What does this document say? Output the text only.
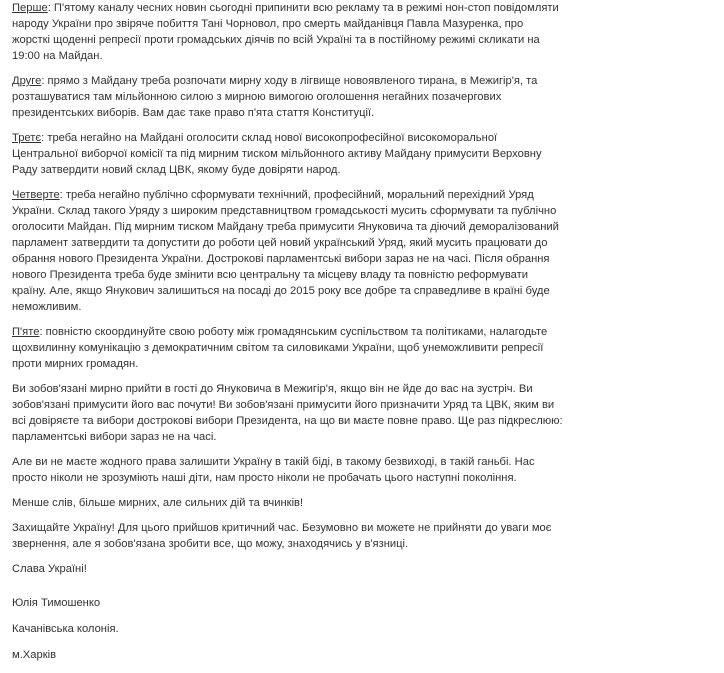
Перше: П'ятому каналу чесних новин сьогодні припинити всю рекламу та в режимі нон-стоп повідомляти народу України про звіряче побиття Тані Чорновол, про смерть майданівця Павла Мазуренка, про жорсткі щоденні репресії проти громадських діячів по всій Україні та в постійному режимі скликати на 19:00 на Майдан.

Друге: прямо з Майдану треба розпочати мирну ходу в лігвище новоявленого тирана, в Межигір'я, та розташуватися там мільйонною силою з мирною вимогою оголошення негайних позачергових президентських виборів. Вам дає таке право п'ята стаття Конституції.

Третє: треба негайно на Майдані оголосити склад нової високопрофесійної високоморальної Центральної виборчої комісії та під мирним тиском мільйонного активу Майдану примусити Верховну Раду затвердити новий склад ЦВК, якому буде довіряти народ.

Четверте: треба негайно публічно сформувати технічний, професійний, моральний перехідний Уряд України. Склад такого Уряду з широким представництвом громадськості мусить сформувати та публічно оголосити Майдан. Під мирним тиском Майдану треба примусити Януковича та діючий деморалізований парламент затвердити та допустити до роботи цей новий український Уряд, який мусить працювати до обрання нового Президента України. Дострокові парламентські вибори зараз не на часі. Після обрання нового Президента треба буде змінити всю центральну та місцеву владу та повністю реформувати країну. Але, якщо Янукович залишиться на посаді до 2015 року все добре та справедливе в країні буде неможливим.

П'яте: повністю скоординуйте свою роботу між громадянським суспільством та політиками, налагодьте щохвилинну комунікацію з демократичним світом та силовиками України, щоб унеможливити репресії проти мирних громадян.

Ви зобов'язані мирно прийти в гості до Януковича в Межигір'я, якщо він не йде до вас на зустріч. Ви зобов'язані примусити його вас почути! Ви зобов'язані примусити його призначити Уряд та ЦВК, яким ви всі довіряєте та вибори дострокові вибори Президента, на що ви маєте повне право. Ще раз підкреслюю: парламентські вибори зараз не на часі.

Але ви не маєте жодного права залишити Україну в такій біді, в такому безвиході, в такій ганьбі. Нас просто ніколи не зрозуміють наші діти, нам просто ніколи не пробачать цього наступні покоління.

Менше слів, більше мирних, але сильних дій та вчинків!

Захищайте Україну! Для цього прийшов критичний час. Безумовно ви можете не прийняти до уваги моє звернення, але я зобов'язана зробити все, що можу, знаходячись у в'язниці.

Слава Україні!

Юлія Тимошенко

Качанівська колонія.

м.Харків
